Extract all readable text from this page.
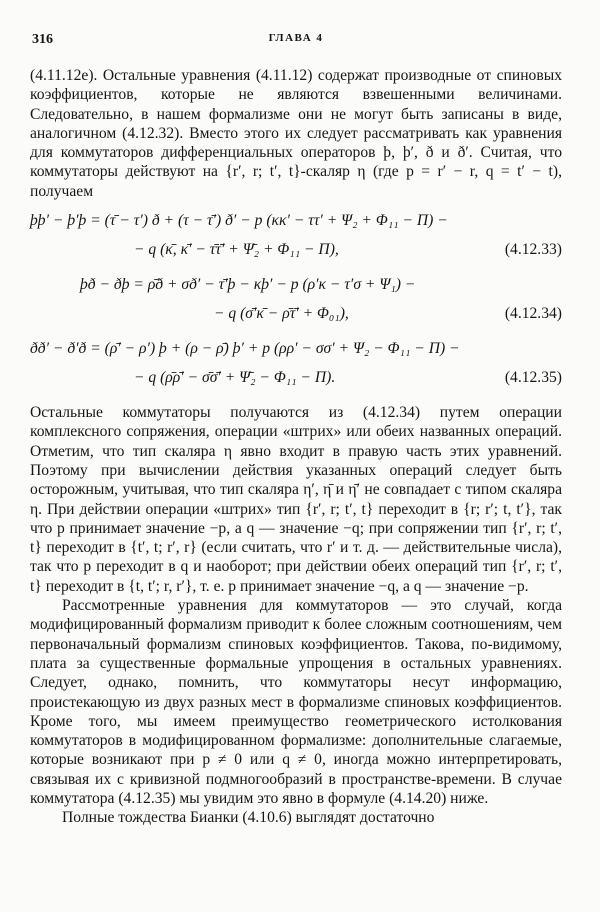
316	ГЛАВА 4

(4.11.12e). Остальные уравнения (4.11.12) содержат производные от спиновых коэффициентов, которые не являются взвешенными величинами. Следовательно, в нашем формализме они не могут быть записаны в виде, аналогичном (4.12.32). Вместо этого их следует рассматривать как уравнения для коммутаторов дифференциальных операторов þ, þ′, ð и ð′. Считая, что коммутаторы действуют на {r′, r; t′, t}-скаляр η (где p = r′ − r, q = t′ − t), получаем

þþ′ − þ′þ = (τ̄ − τ′) ð + (τ − τ̄′) ð′ − p (κκ′ − ττ′ + Ψ₂ + Φ₁₁ − Π) −
− q (κ̄, κ̄′ − τ̄τ̄′ + Ψ̄₂ + Φ₁₁ − Π),	(4.12.33)
þð − ðþ = ρ̄ð + σð′ − τ̄′þ − κþ′ − p (ρ′κ − τ′σ + Ψ₁) −
− q (σ̄′κ̄ − ρ̄τ̄′ + Φ₀₁),	(4.12.34)
ðð′ − ð′ð = (ρ̄′ − ρ′) þ + (ρ − ρ̄) þ′ + p (ρρ′ − σσ′ + Ψ₂ − Φ₁₁ − Π) −
− q (ρ̄ρ̄′ − σ̄σ̄′ + Ψ̄₂ − Φ₁₁ − Π).	(4.12.35)

Остальные коммутаторы получаются из (4.12.34) путем операции комплексного сопряжения, операции «штрих» или обеих названных операций. Отметим, что тип скаляра η явно входит в правую часть этих уравнений. Поэтому при вычислении действия указанных операций следует быть осторожным, учитывая, что тип скаляра η′, η̄ и η̄′ не совпадает с типом скаляра η. При действии операции «штрих» тип {r′, r; t′, t} переходит в {r; r′; t, t′}, так что p принимает значение −p, а q — значение −q; при сопряжении тип {r′, r; t′, t} переходит в {t′, t; r′, r} (если считать, что r′ и т. д. — действительные числа), так что p переходит в q и наоборот; при действии обеих операций тип {r′, r; t′, t} переходит в {t, t′; r, r′}, т. е. p принимает значение −q, а q — значение −p.

Рассмотренные уравнения для коммутаторов — это случай, когда модифицированный формализм приводит к более сложным соотношениям, чем первоначальный формализм спиновых коэффициентов. Такова, по-видимому, плата за существенные формальные упрощения в остальных уравнениях. Следует, однако, помнить, что коммутаторы несут информацию, проистекающую из двух разных мест в формализме спиновых коэффициентов. Кроме того, мы имеем преимущество геометрического истолкования коммутаторов в модифицированном формализме: дополнительные слагаемые, которые возникают при p ≠ 0 или q ≠ 0, иногда можно интерпретировать, связывая их с кривизной подмногообразий в пространстве-времени. В случае коммутатора (4.12.35) мы увидим это явно в формуле (4.14.20) ниже.

Полные тождества Бианки (4.10.6) выглядят достаточно
